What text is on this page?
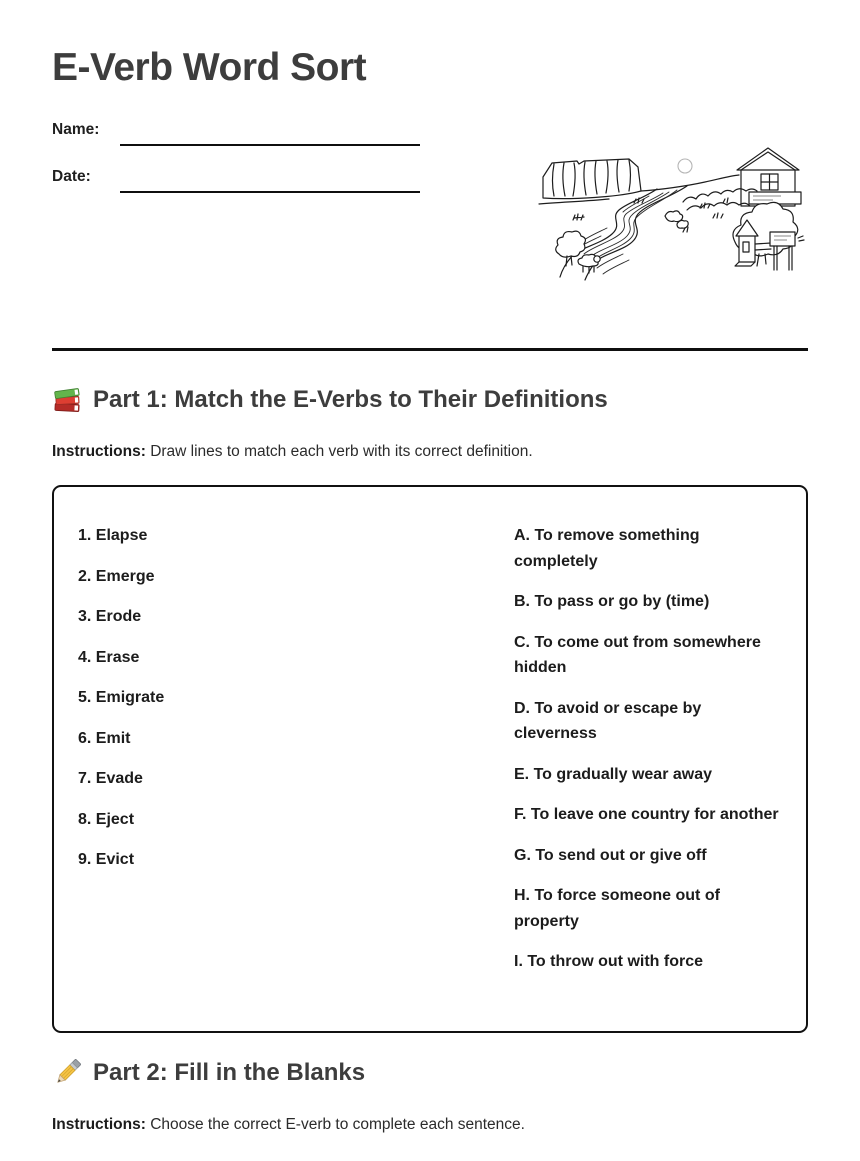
E-Verb Word Sort
Name:
Date:
Part 1: Match the E-Verbs to Their Definitions

Instructions: Draw lines to match each verb with its correct definition.

1. Elapse

2. Emerge

3. Erode

4. Erase

5. Emigrate

6. Emit

7. Evade

8. Eject

9. Evict

A. To remove something completely

B. To pass or go by (time)

C. To come out from somewhere hidden

D. To avoid or escape by cleverness

E. To gradually wear away

F. To leave one country for another

G. To send out or give off

H. To force someone out of property

I. To throw out with force

Part 2: Fill in the Blanks

Instructions: Choose the correct E-verb to complete each sentence.
